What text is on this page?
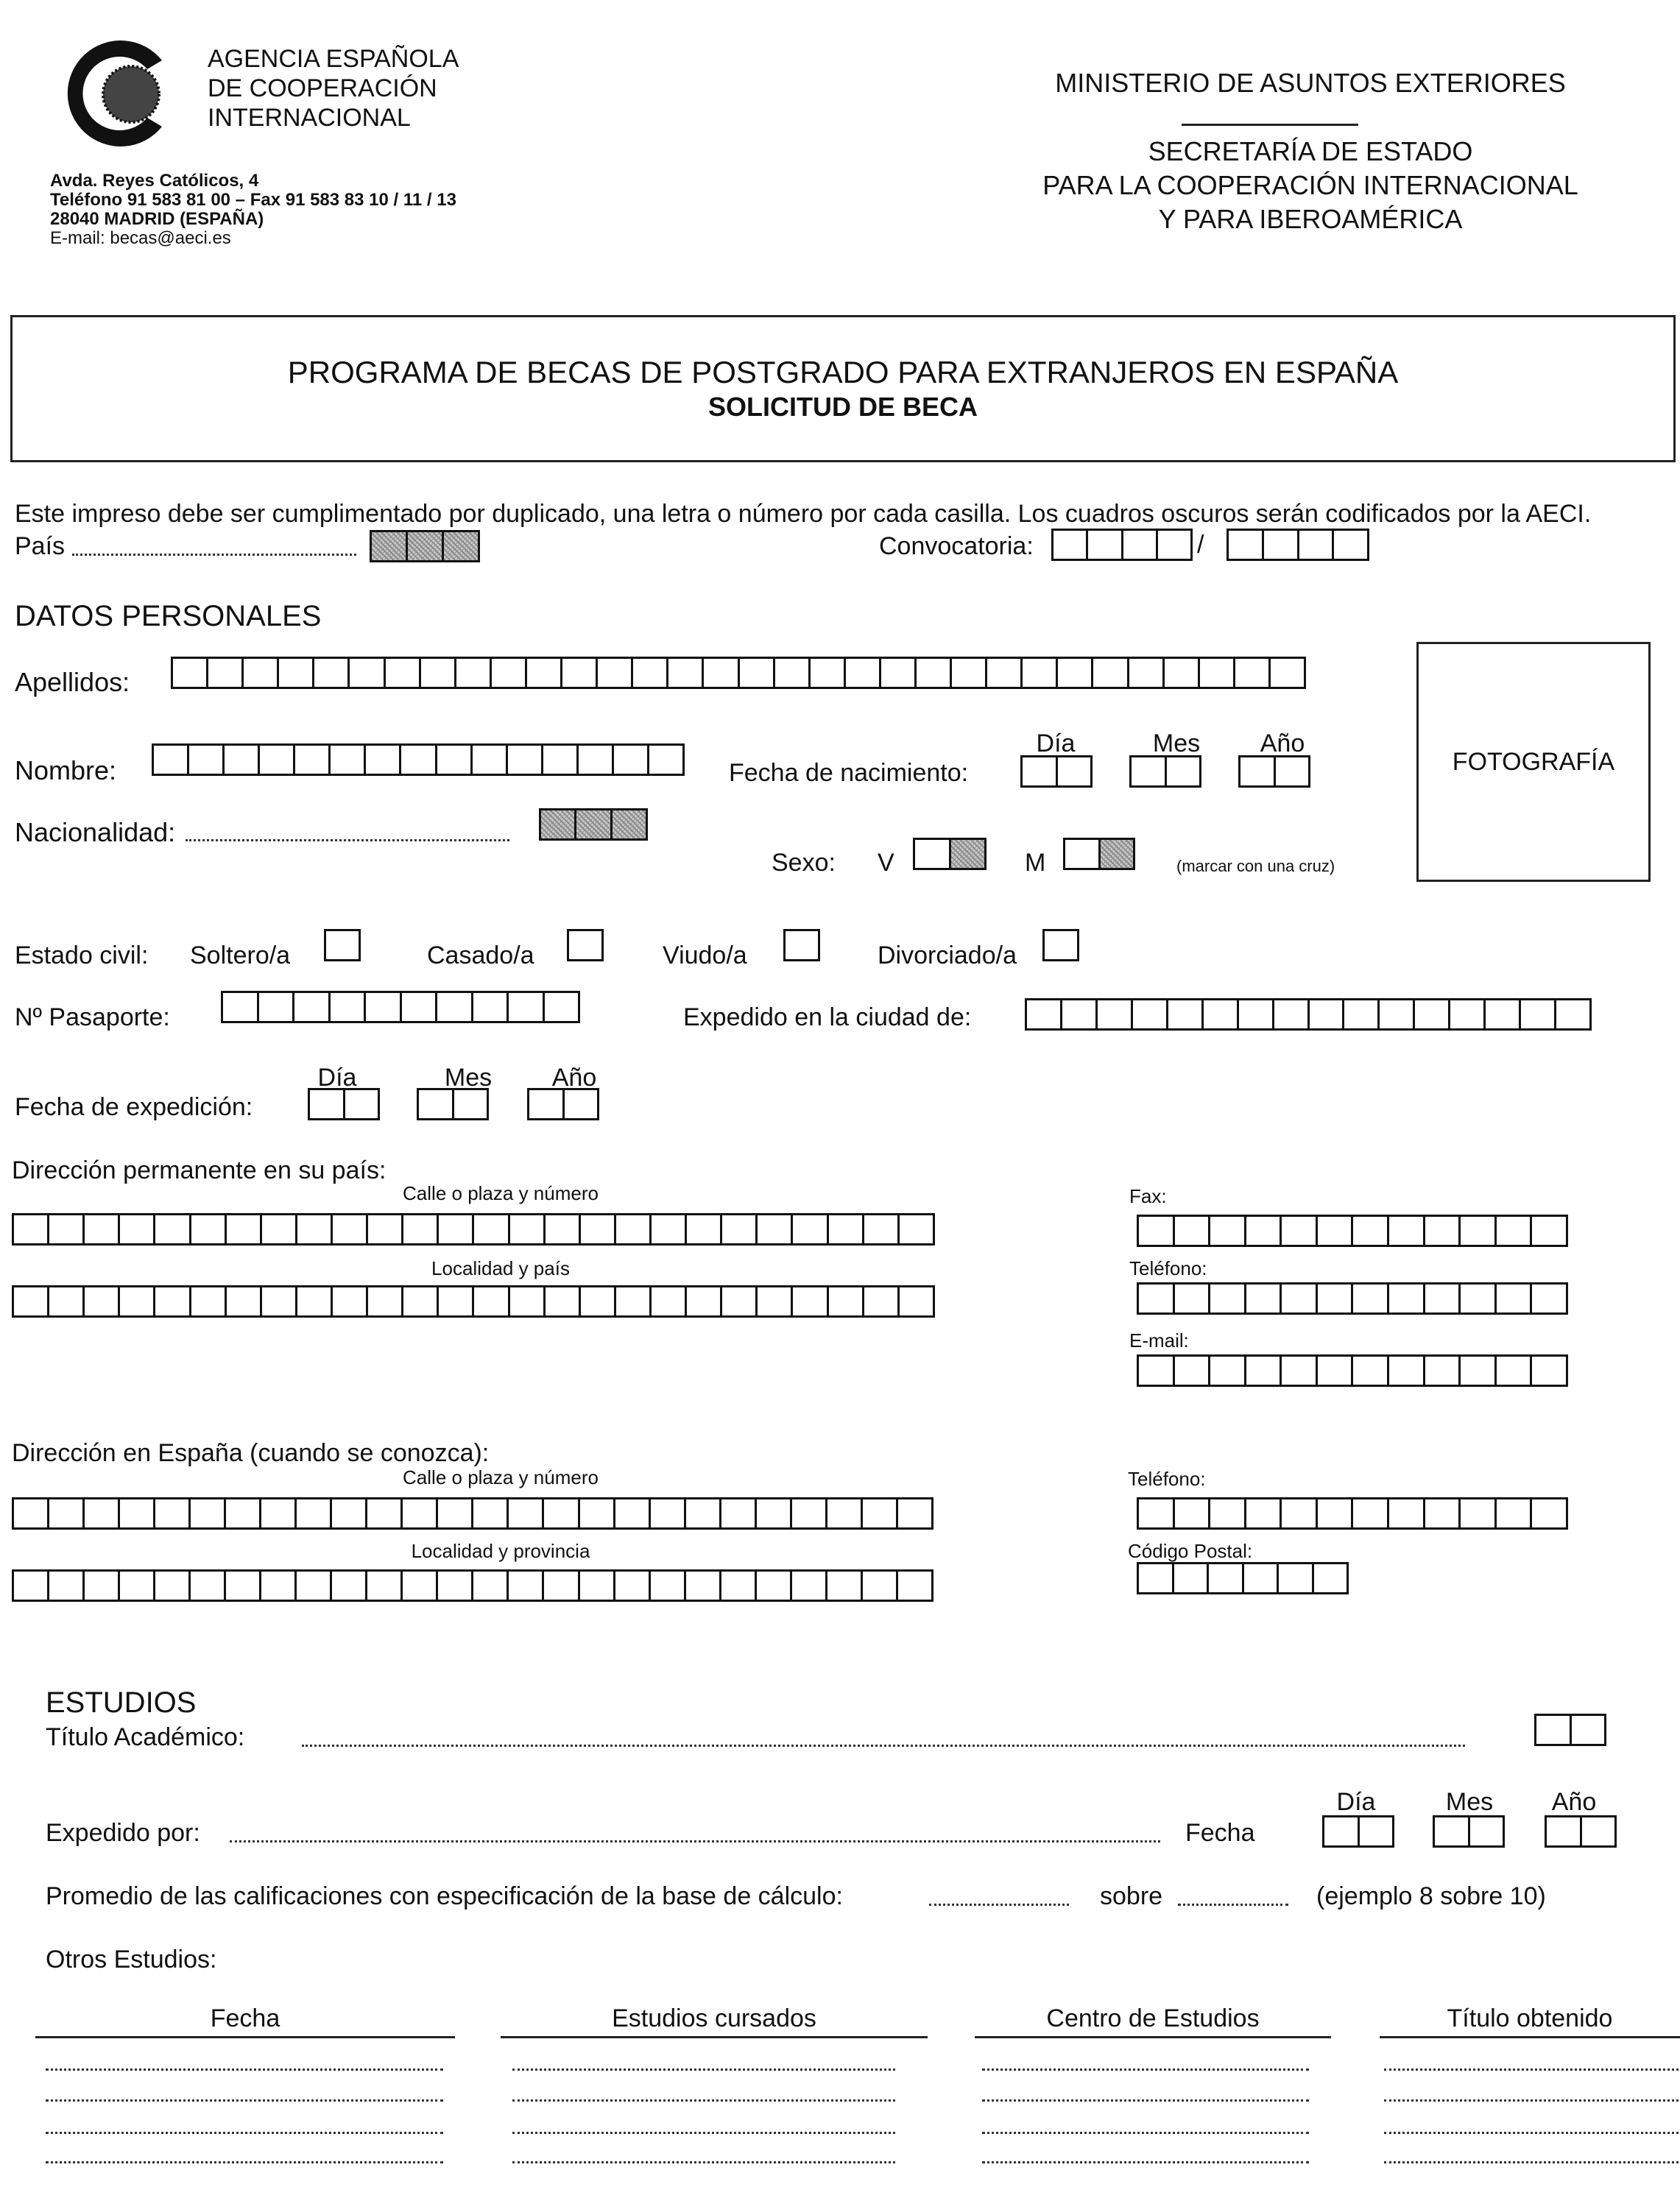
AGENCIA ESPAÑOLA
DE COOPERACIÓN
INTERNACIONAL
Avda. Reyes Católicos, 4
Teléfono 91 583 81 00 – Fax 91 583 83 10 / 11 / 13
28040 MADRID (ESPAÑA)
E-mail: becas@aeci.es
MINISTERIO DE ASUNTOS EXTERIORES
SECRETARÍA DE ESTADO
PARA LA COOPERACIÓN INTERNACIONAL
Y PARA IBEROAMÉRICA
PROGRAMA DE BECAS DE POSTGRADO PARA EXTRANJEROS EN ESPAÑA
SOLICITUD DE BECA
Este impreso debe ser cumplimentado por duplicado, una letra o número por cada casilla. Los cuadros oscuros serán codificados por la AECI.
País	Convocatoria:	/
DATOS PERSONALES
Apellidos:
FOTOGRAFÍA
Nombre:	Fecha de nacimiento:
Día	Mes	Año
Nacionalidad:
Sexo: V	M	(marcar con una cruz)
Estado civil: Soltero/a	Casado/a	Viudo/a	Divorciado/a
Nº Pasaporte:	Expedido en la ciudad de:
Día	Mes	Año
Fecha de expedición:
Dirección permanente en su país:
Calle o plaza y número
Localidad y país
Fax:
Teléfono:
E-mail:
Dirección en España (cuando se conozca):
Calle o plaza y número
Localidad y provincia
Teléfono:
Código Postal:
ESTUDIOS
Título Académico:
Día	Mes	Año
Expedido por:	Fecha
Promedio de las calificaciones con especificación de la base de cálculo:	sobre	(ejemplo 8 sobre 10)
Otros Estudios:
Fecha	Estudios cursados	Centro de Estudios	Título obtenido
